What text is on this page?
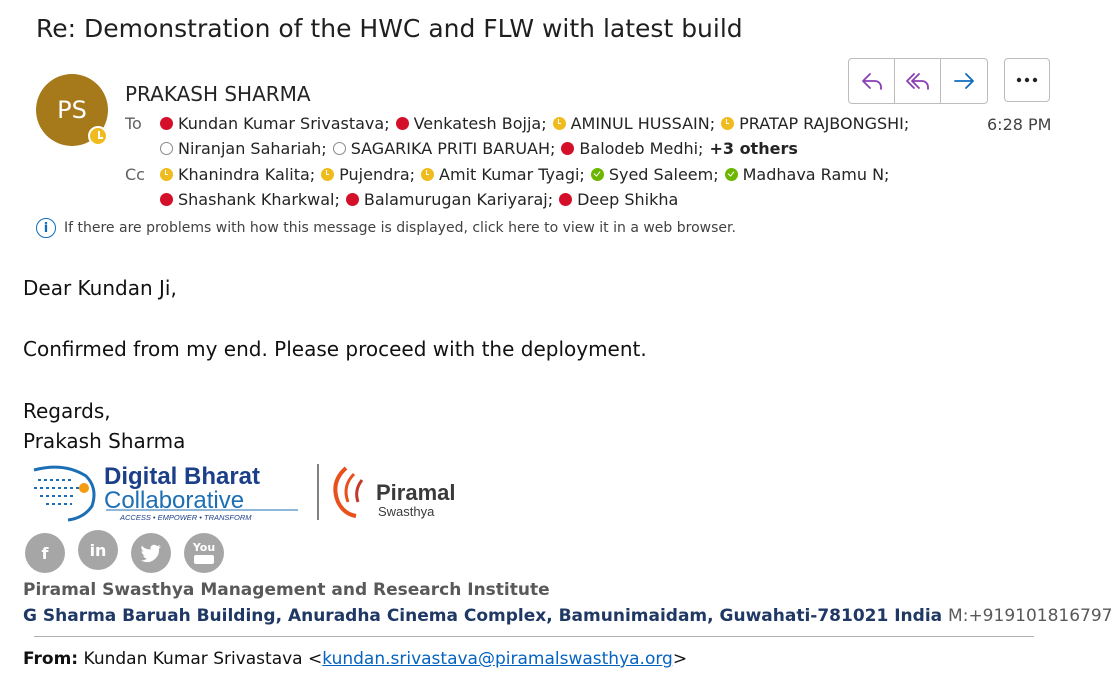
Re: Demonstration of the HWC and FLW with latest build
PS
PRAKASH SHARMA
6:28 PM
To Kundan Kumar Srivastava; Venkatesh Bojja; AMINUL HUSSAIN; PRATAP RAJBONGSHI;
Niranjan Sahariah; SAGARIKA PRITI BARUAH; Balodeb Medhi; +3 others
Cc Khanindra Kalita; Pujendra; Amit Kumar Tyagi; Syed Saleem; Madhava Ramu N;
Shashank Kharkwal; Balamurugan Kariyaraj; Deep Shikha
i	If there are problems with how this message is displayed, click here to view it in a web browser.
Dear Kundan Ji,
Confirmed from my end. Please proceed with the deployment.
Regards,
Prakash Sharma
Digital Bharat
Collaborative
ACCESS • EMPOWER • TRANSFORM
Piramal
Swasthya
f	in	You
Piramal Swasthya Management and Research Institute
G Sharma Baruah Building, Anuradha Cinema Complex, Bamunimaidam, Guwahati-781021 India M:+919101816797
From: Kundan Kumar Srivastava <kundan.srivastava@piramalswasthya.org>
